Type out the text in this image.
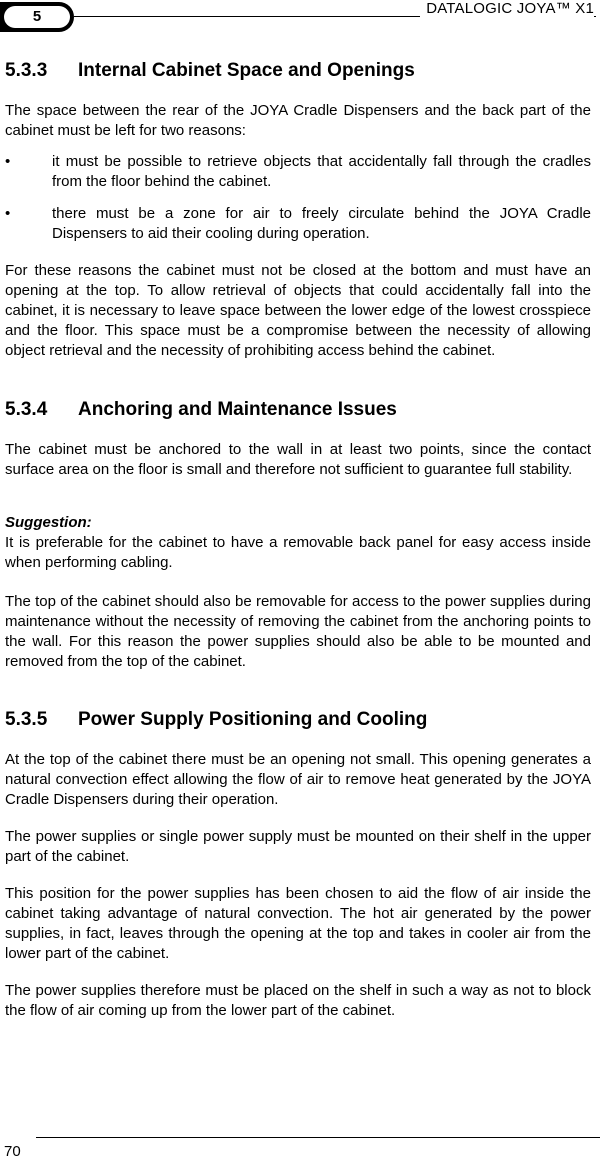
5	DATALOGIC JOYA™ X1
5.3.3	Internal Cabinet Space and Openings

The space between the rear of the JOYA Cradle Dispensers and the back part of the cabinet must be left for two reasons:

•	it must be possible to retrieve objects that accidentally fall through the cradles from the floor behind the cabinet.
•	there must be a zone for air to freely circulate behind the JOYA Cradle Dispensers to aid their cooling during operation.

For these reasons the cabinet must not be closed at the bottom and must have an opening at the top. To allow retrieval of objects that could accidentally fall into the cabinet, it is necessary to leave space between the lower edge of the lowest crosspiece and the floor. This space must be a compromise between the necessity of allowing object retrieval and the necessity of prohibiting access behind the cabinet.

5.3.4	Anchoring and Maintenance Issues

The cabinet must be anchored to the wall in at least two points, since the contact surface area on the floor is small and therefore not sufficient to guarantee full stability.

Suggestion:

It is preferable for the cabinet to have a removable back panel for easy access inside when performing cabling.

The top of the cabinet should also be removable for access to the power supplies during maintenance without the necessity of removing the cabinet from the anchoring points to the wall. For this reason the power supplies should also be able to be mounted and removed from the top of the cabinet.

5.3.5	Power Supply Positioning and Cooling

At the top of the cabinet there must be an opening not small. This opening generates a natural convection effect allowing the flow of air to remove heat generated by the JOYA Cradle Dispensers during their operation.

The power supplies or single power supply must be mounted on their shelf in the upper part of the cabinet.

This position for the power supplies has been chosen to aid the flow of air inside the cabinet taking advantage of natural convection. The hot air generated by the power supplies, in fact, leaves through the opening at the top and takes in cooler air from the lower part of the cabinet.

The power supplies therefore must be placed on the shelf in such a way as not to block the flow of air coming up from the lower part of the cabinet.

70
